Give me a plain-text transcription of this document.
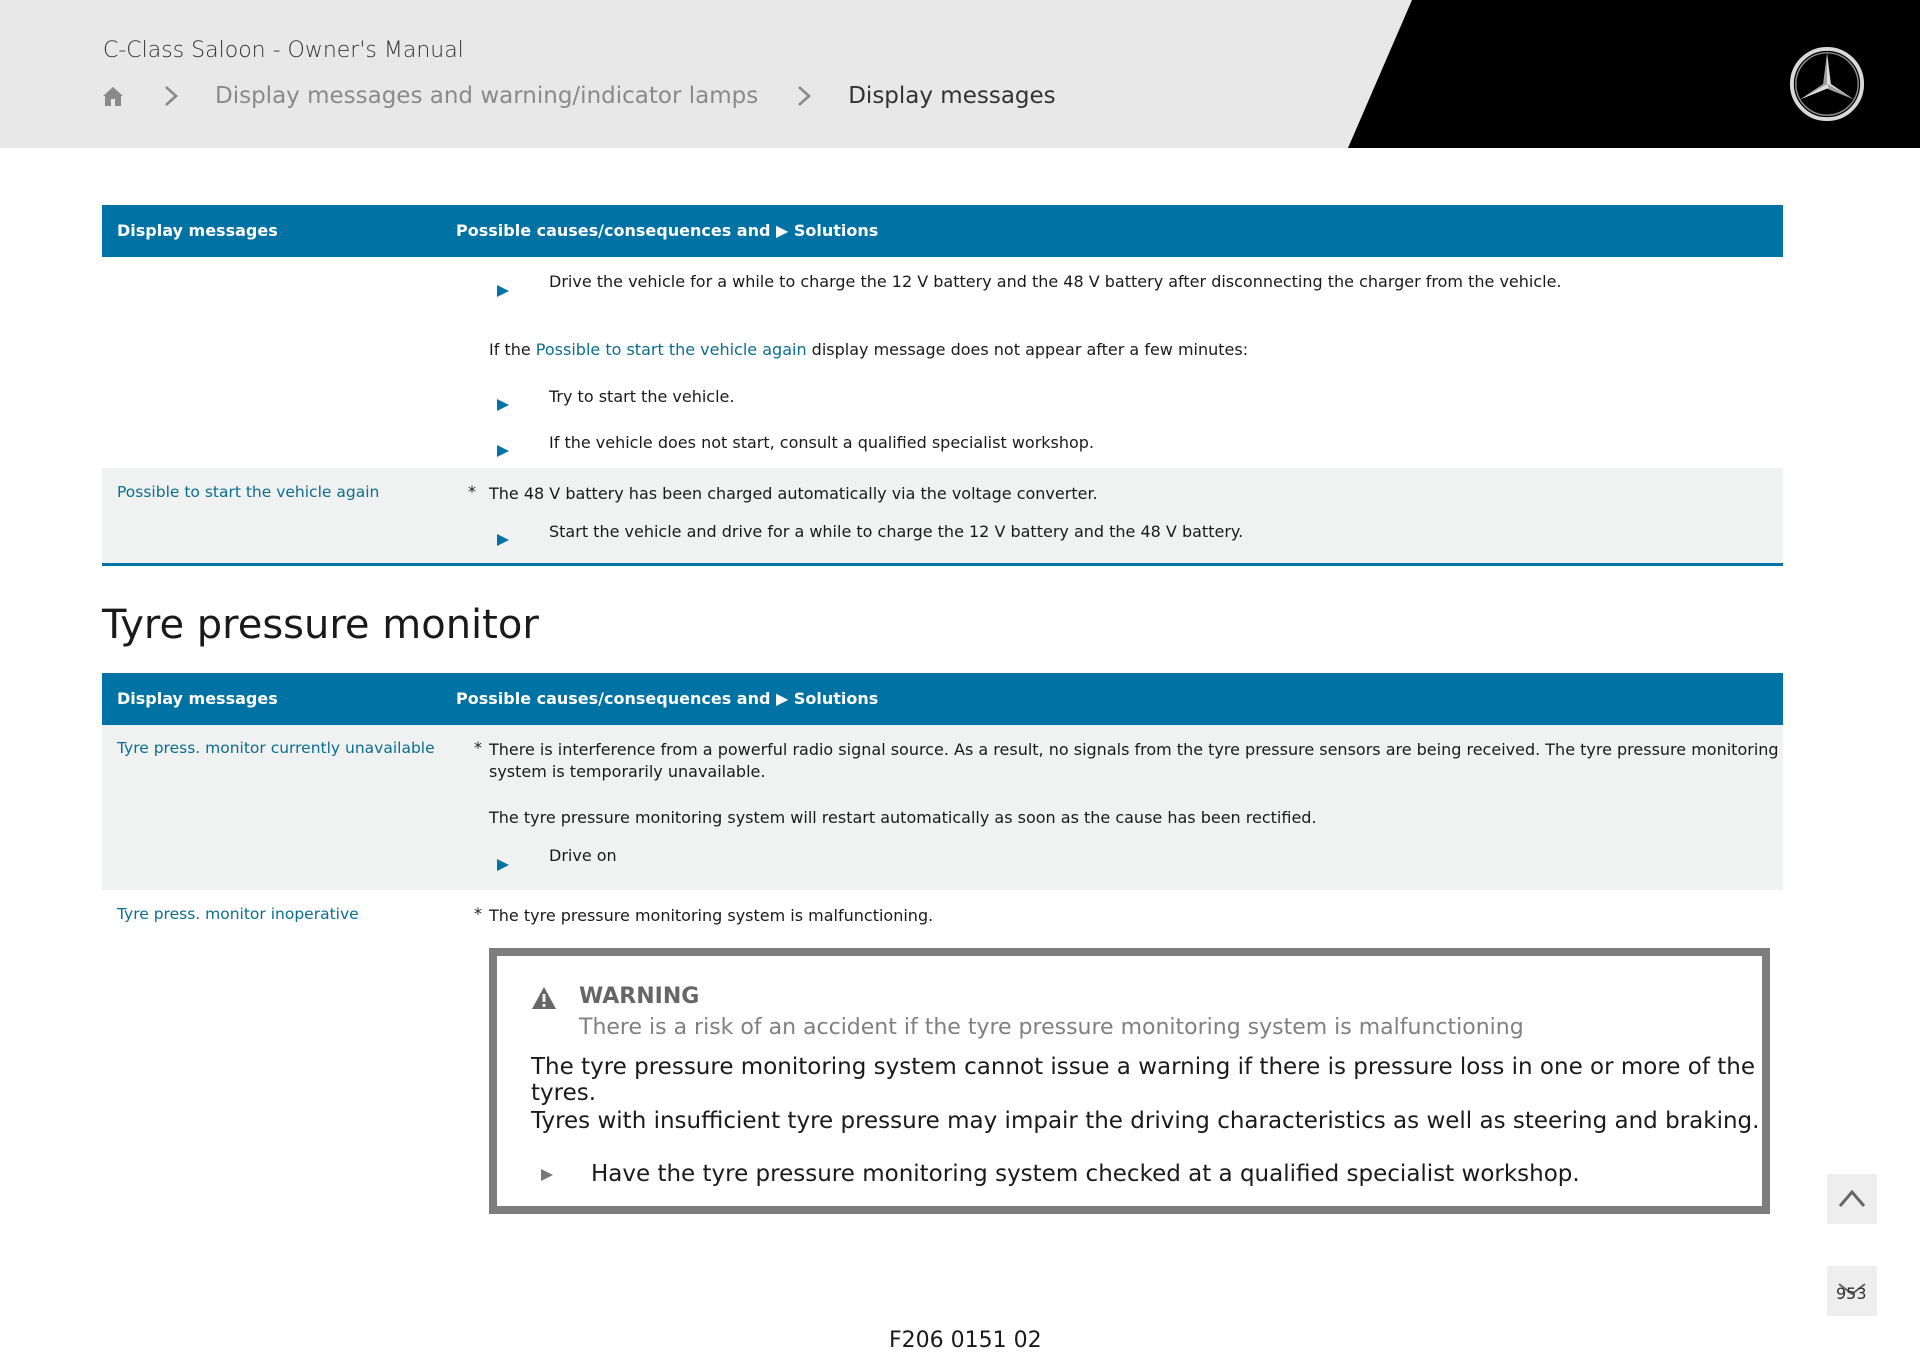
C-Class Saloon - Owner's Manual
Display messages and warning/indicator lamps	Display messages
Display messages	Possible causes/consequences and ▶ Solutions
Drive the vehicle for a while to charge the 12 V battery and the 48 V battery after disconnecting the charger from the vehicle.
If the Possible to start the vehicle again display message does not appear after a few minutes:
Try to start the vehicle.
If the vehicle does not start, consult a qualified specialist workshop.
Possible to start the vehicle again	* The 48 V battery has been charged automatically via the voltage converter.
Start the vehicle and drive for a while to charge the 12 V battery and the 48 V battery.
Tyre pressure monitor
Display messages	Possible causes/consequences and ▶ Solutions
Tyre press. monitor currently unavailable * There is interference from a powerful radio signal source. As a result, no signals from the tyre pressure sensors are being received. The tyre pressure monitoring
system is temporarily unavailable.
The tyre pressure monitoring system will restart automatically as soon as the cause has been rectified.
Drive on
Tyre press. monitor inoperative	* The tyre pressure monitoring system is malfunctioning.
WARNING
There is a risk of an accident if the tyre pressure monitoring system is malfunctioning
The tyre pressure monitoring system cannot issue a warning if there is pressure loss in one or more of the tyres.
Tyres with insufficient tyre pressure may impair the driving characteristics as well as steering and braking.
Have the tyre pressure monitoring system checked at a qualified specialist workshop.
953
F206 0151 02
